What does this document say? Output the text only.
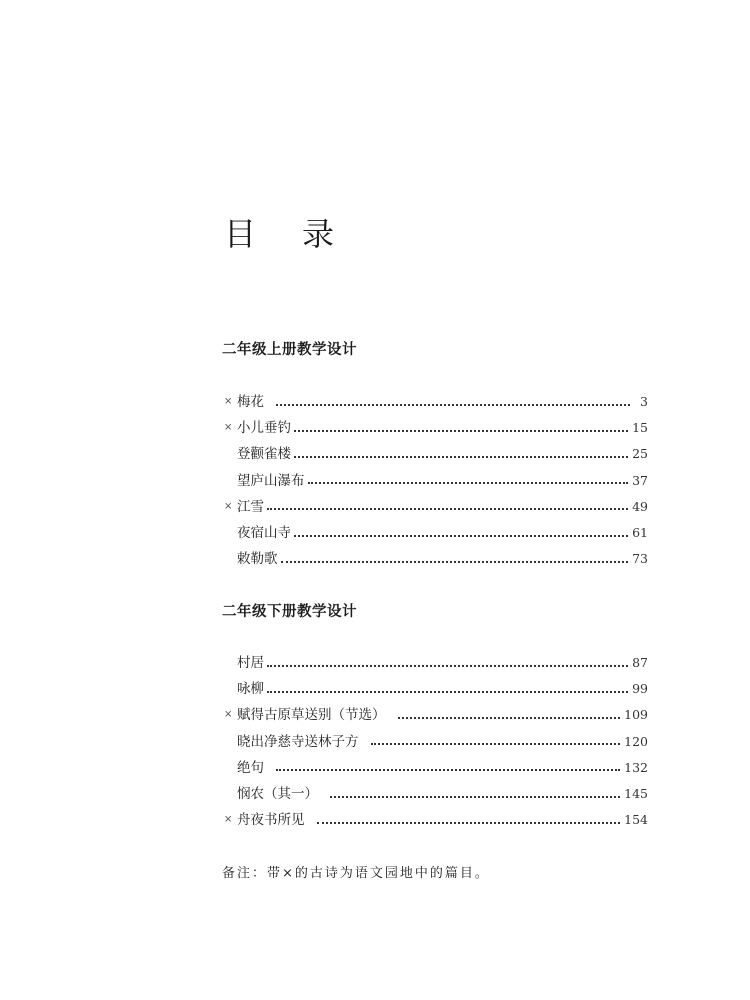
目 录
二年级上册教学设计
× 梅花	3
× 小儿垂钓	15
登颧雀楼	25
望庐山瀑布	37
× 江雪	49
夜宿山寺	61
敕勒歌	73
二年级下册教学设计
村居	87
咏柳	99
× 赋得古原草送别（节选）	109
晓出净慈寺送林子方	120
绝句	132
悯农（其一）	145
× 舟夜书所见	154
备注：带×的古诗为语文园地中的篇目。
